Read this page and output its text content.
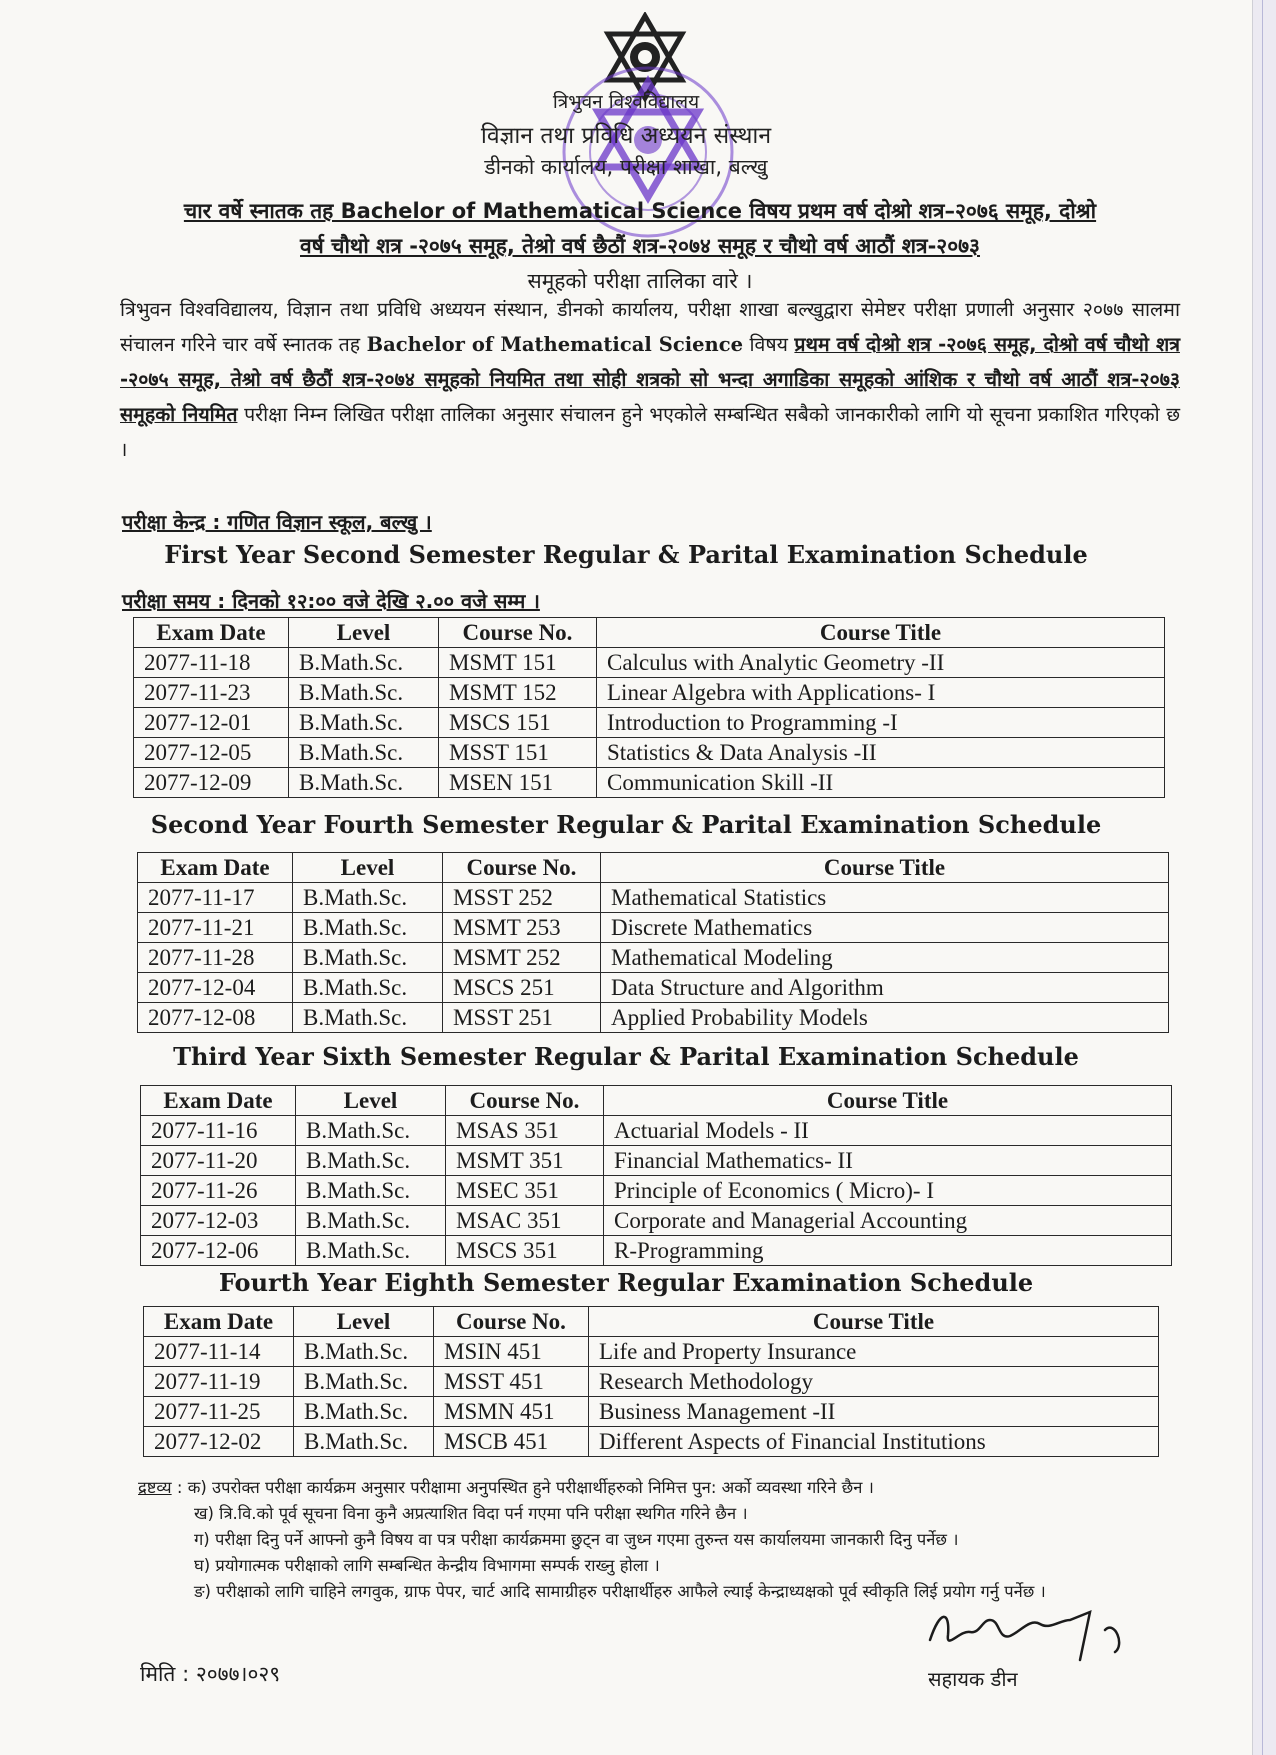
त्रिभुवन विश्वविद्यालय
विज्ञान तथा प्रविधि अध्ययन संस्थान
डीनको कार्यालय, परीक्षा शाखा, बल्खु
चार वर्षे स्नातक तह Bachelor of Mathematical Science विषय प्रथम वर्ष दोश्रो शत्र–२०७६ समूह, दोश्रो
वर्ष चौथो शत्र -२०७५ समूह, तेश्रो वर्ष छैठौं शत्र-२०७४ समूह र चौथो वर्ष आठौं शत्र-२०७३
समूहको परीक्षा तालिका वारे ।
त्रिभुवन विश्वविद्यालय, विज्ञान तथा प्रविधि अध्ययन संस्थान, डीनको कार्यालय, परीक्षा शाखा बल्खुद्वारा सेमेष्टर परीक्षा प्रणाली अनुसार २०७७ सालमा संचालन गरिने चार वर्षे स्नातक तह Bachelor of Mathematical Science विषय प्रथम वर्ष दोश्रो शत्र -२०७६ समूह, दोश्रो वर्ष चौथो शत्र -२०७५ समूह, तेश्रो वर्ष छैठौं शत्र-२०७४ समूहको नियमित तथा सोही शत्रको सो भन्दा अगाडिका समूहको आंशिक र चौथो वर्ष आठौं शत्र-२०७३ समूहको नियमित परीक्षा निम्न लिखित परीक्षा तालिका अनुसार संचालन हुने भएकोले सम्बन्धित सबैको जानकारीको लागि यो सूचना प्रकाशित गरिएको छ ।
परीक्षा केन्द्र : गणित विज्ञान स्कूल, बल्खु ।
First Year Second Semester Regular & Parital Examination Schedule
परीक्षा समय : दिनको १२:०० वजे देखि २.०० वजे सम्म ।
Exam Date	Level	Course No.	Course Title
2077-11-18	B.Math.Sc.	MSMT 151	Calculus with Analytic Geometry -II
2077-11-23	B.Math.Sc.	MSMT 152	Linear Algebra with Applications- I
2077-12-01	B.Math.Sc.	MSCS 151	Introduction to Programming -I
2077-12-05	B.Math.Sc.	MSST 151	Statistics & Data Analysis -II
2077-12-09	B.Math.Sc.	MSEN 151	Communication Skill -II
Second Year Fourth Semester Regular & Parital Examination Schedule
Exam Date	Level	Course No.	Course Title
2077-11-17	B.Math.Sc.	MSST 252	Mathematical Statistics
2077-11-21	B.Math.Sc.	MSMT 253	Discrete Mathematics
2077-11-28	B.Math.Sc.	MSMT 252	Mathematical Modeling
2077-12-04	B.Math.Sc.	MSCS 251	Data Structure and Algorithm
2077-12-08	B.Math.Sc.	MSST 251	Applied Probability Models
Third Year Sixth Semester Regular & Parital Examination Schedule
Exam Date	Level	Course No.	Course Title
2077-11-16	B.Math.Sc.	MSAS 351	Actuarial Models - II
2077-11-20	B.Math.Sc.	MSMT 351	Financial Mathematics- II
2077-11-26	B.Math.Sc.	MSEC 351	Principle of Economics ( Micro)- I
2077-12-03	B.Math.Sc.	MSAC 351	Corporate and Managerial Accounting
2077-12-06	B.Math.Sc.	MSCS 351	R-Programming
Fourth Year Eighth Semester Regular Examination Schedule
Exam Date	Level	Course No.	Course Title
2077-11-14	B.Math.Sc.	MSIN 451	Life and Property Insurance
2077-11-19	B.Math.Sc.	MSST 451	Research Methodology
2077-11-25	B.Math.Sc.	MSMN 451	Business Management -II
2077-12-02	B.Math.Sc.	MSCB 451	Different Aspects of Financial Institutions
द्रष्टव्य : क) उपरोक्त परीक्षा कार्यक्रम अनुसार परीक्षामा अनुपस्थित हुने परीक्षार्थीहरुको निमित्त पुन: अर्को व्यवस्था गरिने छैन ।
ख) त्रि.वि.को पूर्व सूचना विना कुनै अप्रत्याशित विदा पर्न गएमा पनि परीक्षा स्थगित गरिने छैन ।
ग) परीक्षा दिनु पर्ने आफ्नो कुनै विषय वा पत्र परीक्षा कार्यक्रममा छुट्न वा जुध्न गएमा तुरुन्त यस कार्यालयमा जानकारी दिनु पर्नेछ ।
घ) प्रयोगात्मक परीक्षाको लागि सम्बन्धित केन्द्रीय विभागमा सम्पर्क राख्नु होला ।
ङ) परीक्षाको लागि चाहिने लगवुक, ग्राफ पेपर, चार्ट आदि सामाग्रीहरु परीक्षार्थीहरु आफैले ल्याई केन्द्राध्यक्षको पूर्व स्वीकृति लिई प्रयोग गर्नु पर्नेछ ।
मिति : २०७७।०२९	सहायक डीन
